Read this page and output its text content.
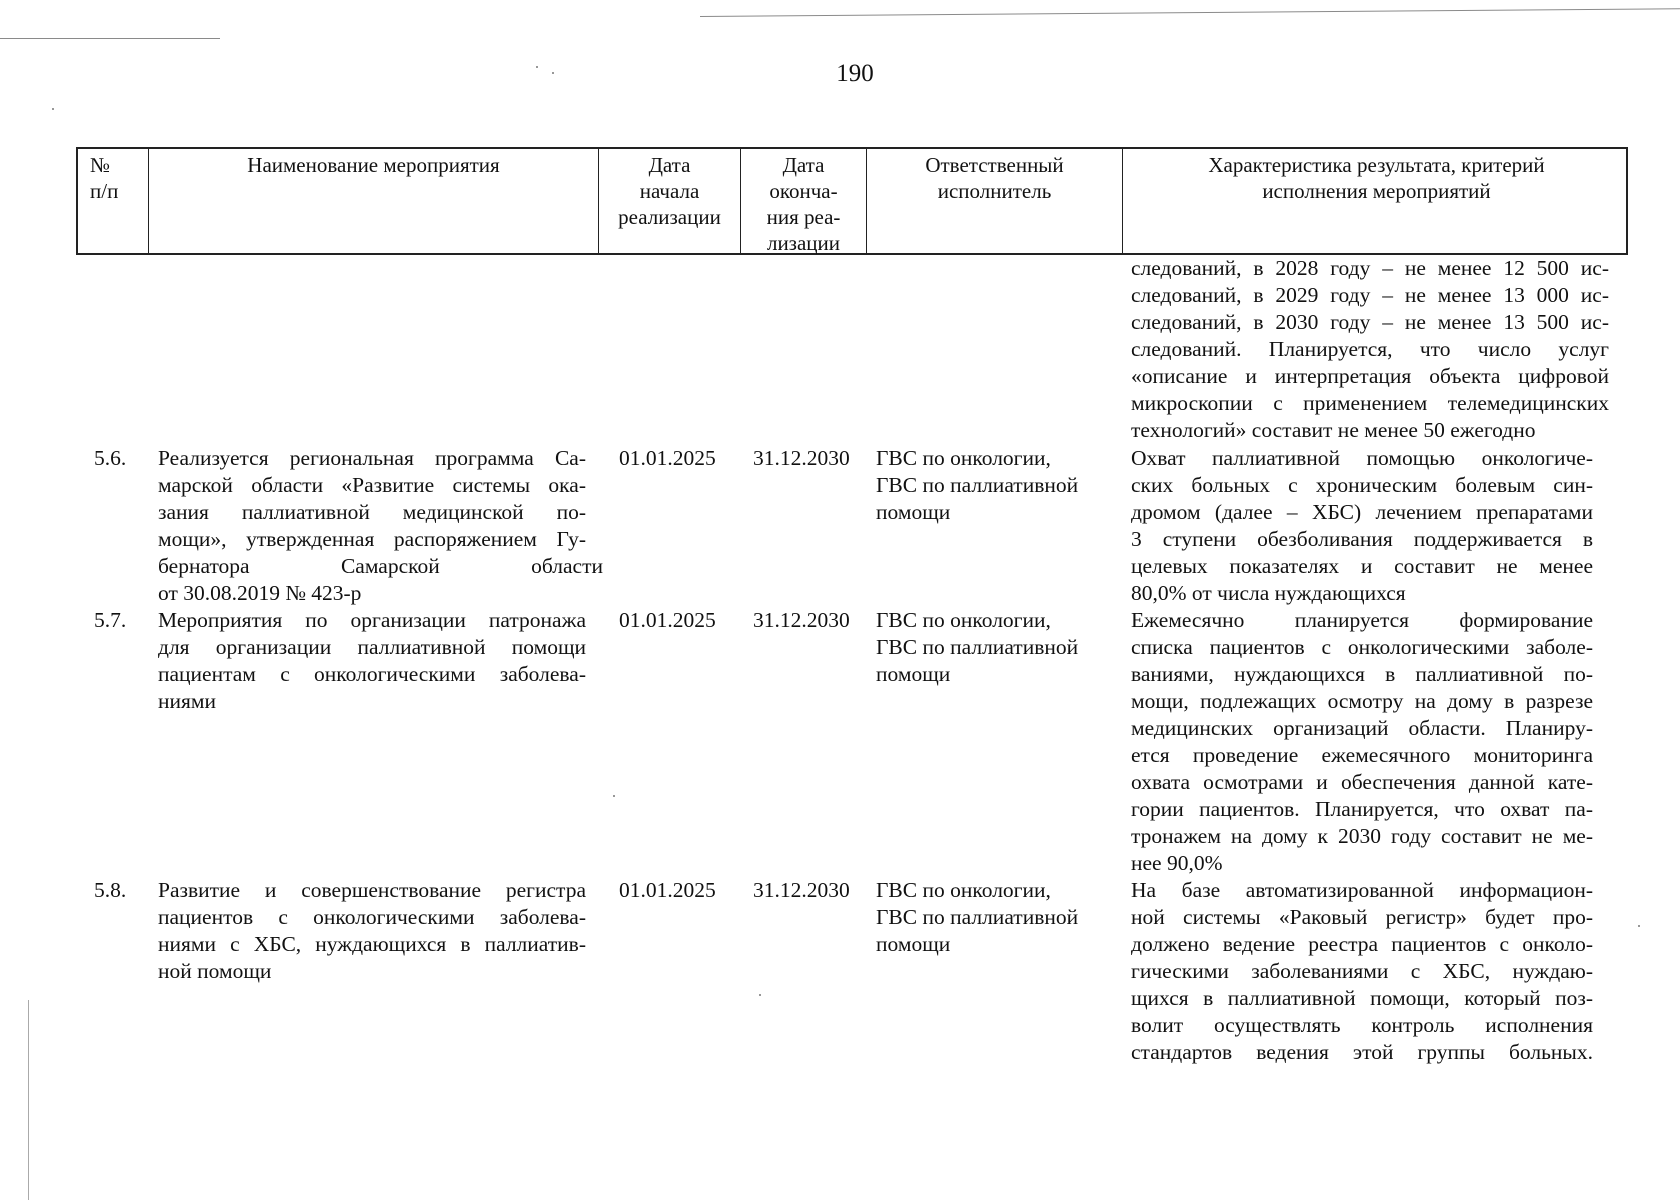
190
№
п/п
Наименование мероприятия	Дата
начала
реализации
Дата
оконча-
ния реа-
лизации
Ответственный
исполнитель
Характеристика результата, критерий
исполнения мероприятий
следований, в 2028 году – не менее 12 500 ис-
следований, в 2029 году – не менее 13 000 ис-
следований, в 2030 году – не менее 13 500 ис-
следований. Планируется, что число услуг
«описание и интерпретация объекта цифровой
микроскопии с применением телемедицинских
технологий» составит не менее 50 ежегодно
5.6. Реализуется региональная программа Са-
марской области «Развитие системы ока-
зания паллиативной медицинской по-
мощи», утвержденная распоряжением Гу-
бернатора Самарской области
от 30.08.2019 № 423-р
01.01.2025 31.12.2030 ГВС по онкологии,
ГВС по паллиативной
помощи
Охват паллиативной помощью онкологиче-
ских больных с хроническим болевым син-
дромом (далее – ХБС) лечением препаратами
3 ступени обезболивания поддерживается в
целевых показателях и составит не менее
80,0% от числа нуждающихся
5.7. Мероприятия по организации патронажа
для организации паллиативной помощи
пациентам с онкологическими заболева-
ниями
01.01.2025 31.12.2030 ГВС по онкологии,
ГВС по паллиативной
помощи
Ежемесячно планируется формирование
списка пациентов с онкологическими заболе-
ваниями, нуждающихся в паллиативной по-
мощи, подлежащих осмотру на дому в разрезе
медицинских организаций области. Планиру-
ется проведение ежемесячного мониторинга
охвата осмотрами и обеспечения данной кате-
гории пациентов. Планируется, что охват па-
тронажем на дому к 2030 году составит не ме-
нее 90,0%
5.8. Развитие и совершенствование регистра
пациентов с онкологическими заболева-
ниями с ХБС, нуждающихся в паллиатив-
ной помощи
01.01.2025 31.12.2030 ГВС по онкологии,
ГВС по паллиативной
помощи
На базе автоматизированной информацион-
ной системы «Раковый регистр» будет про-
должено ведение реестра пациентов с онколо-
гическими заболеваниями с ХБС, нуждаю-
щихся в паллиативной помощи, который поз-
волит осуществлять контроль исполнения
стандартов ведения этой группы больных.
